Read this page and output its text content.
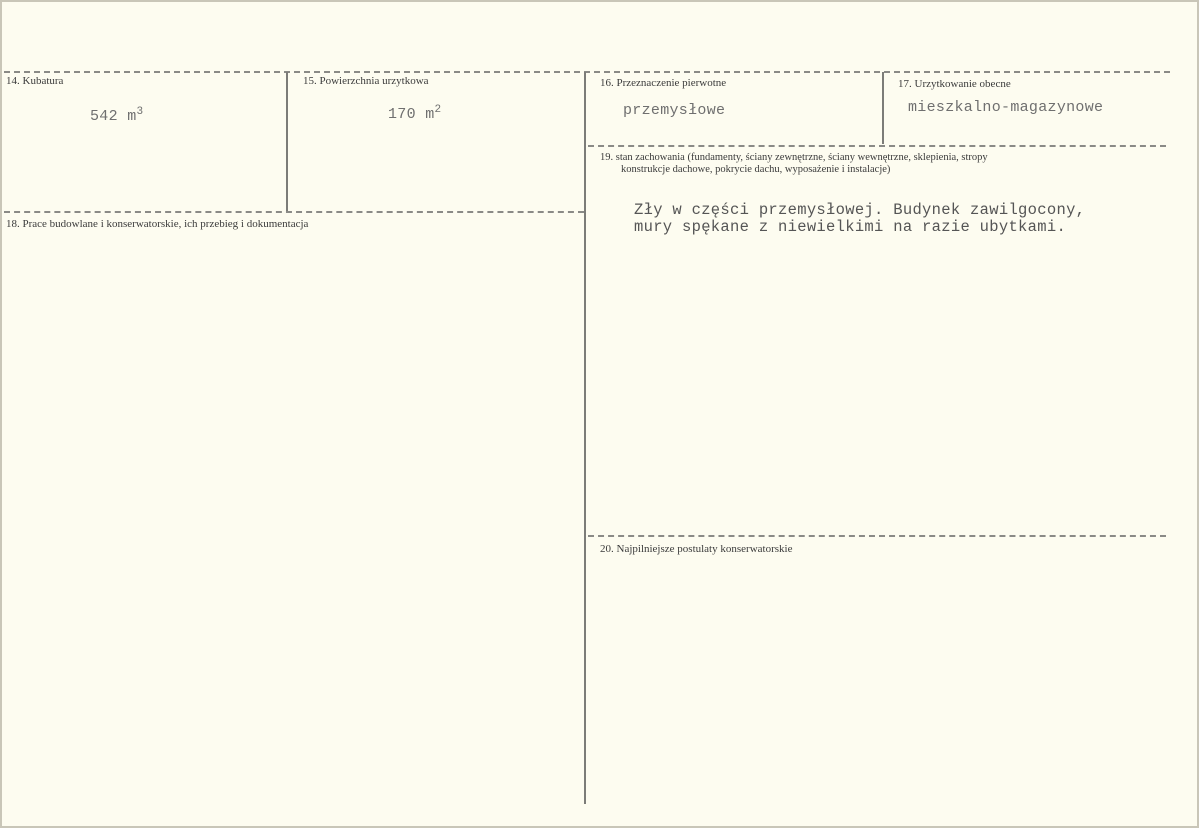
14. Kubatura
542 $m^3$
15. Powierzchnia urzytkowa
170 $m^2$
16. Przeznaczenie pierwotne
przemysłowe
17. Urzytkowanie obecne
mieszkalno-magazynowe
18. Prace budowlane i konserwatorskie, ich przebieg i dokumentacja
19. stan zachowania (fundamenty, ściany zewnętrzne, ściany wewnętrzne, sklepienia, stropy
konstrukcje dachowe, pokrycie dachu, wyposażenie i instalacje)
Zły w części przemysłowej. Budynek zawilgocony,
mury spękane z niewielkimi na razie ubytkami.
20. Najpilniejsze postulaty konserwatorskie
